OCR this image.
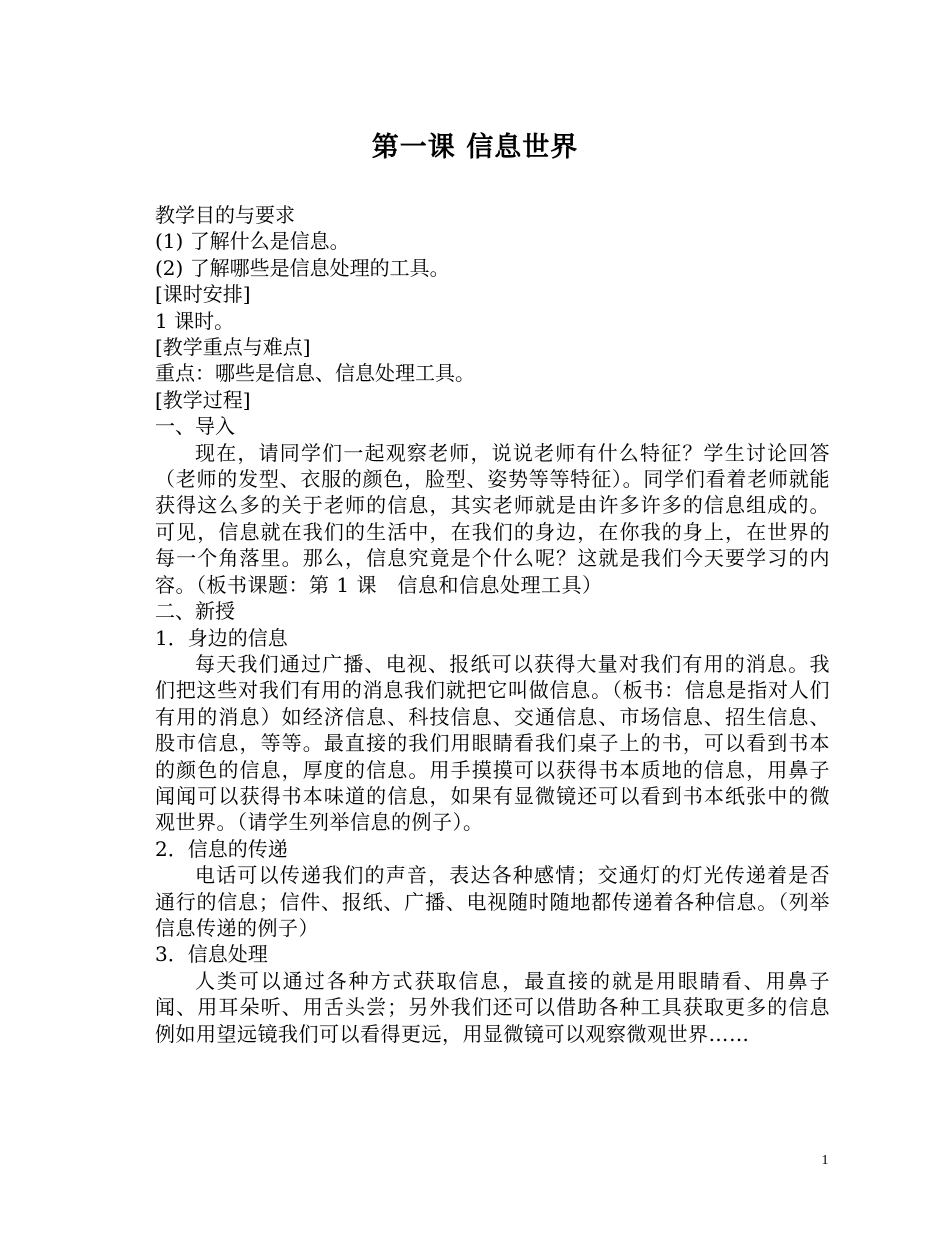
第一课 信息世界
教学目的与要求
(1) 了解什么是信息。
(2) 了解哪些是信息处理的工具。
[课时安排]
1 课时。
[教学重点与难点]
重点：哪些是信息、信息处理工具。
[教学过程]
一、导入
现在，请同学们一起观察老师，说说老师有什么特征？学生讨论回答（老师的发型、衣服的颜色，脸型、姿势等等特征）。同学们看着老师就能获得这么多的关于老师的信息，其实老师就是由许多许多的信息组成的。可见，信息就在我们的生活中，在我们的身边，在你我的身上，在世界的每一个角落里。那么，信息究竟是个什么呢？这就是我们今天要学习的内容。（板书课题：第 1 课　信息和信息处理工具）
二、新授
1．身边的信息
每天我们通过广播、电视、报纸可以获得大量对我们有用的消息。我们把这些对我们有用的消息我们就把它叫做信息。（板书：信息是指对人们有用的消息）如经济信息、科技信息、交通信息、市场信息、招生信息、股市信息，等等。最直接的我们用眼睛看我们桌子上的书，可以看到书本的颜色的信息，厚度的信息。用手摸摸可以获得书本质地的信息，用鼻子闻闻可以获得书本味道的信息，如果有显微镜还可以看到书本纸张中的微观世界。（请学生列举信息的例子）。
2．信息的传递
电话可以传递我们的声音，表达各种感情；交通灯的灯光传递着是否通行的信息；信件、报纸、广播、电视随时随地都传递着各种信息。（列举信息传递的例子）
3．信息处理
人类可以通过各种方式获取信息，最直接的就是用眼睛看、用鼻子闻、用耳朵听、用舌头尝；另外我们还可以借助各种工具获取更多的信息例如用望远镜我们可以看得更远，用显微镜可以观察微观世界……
1
